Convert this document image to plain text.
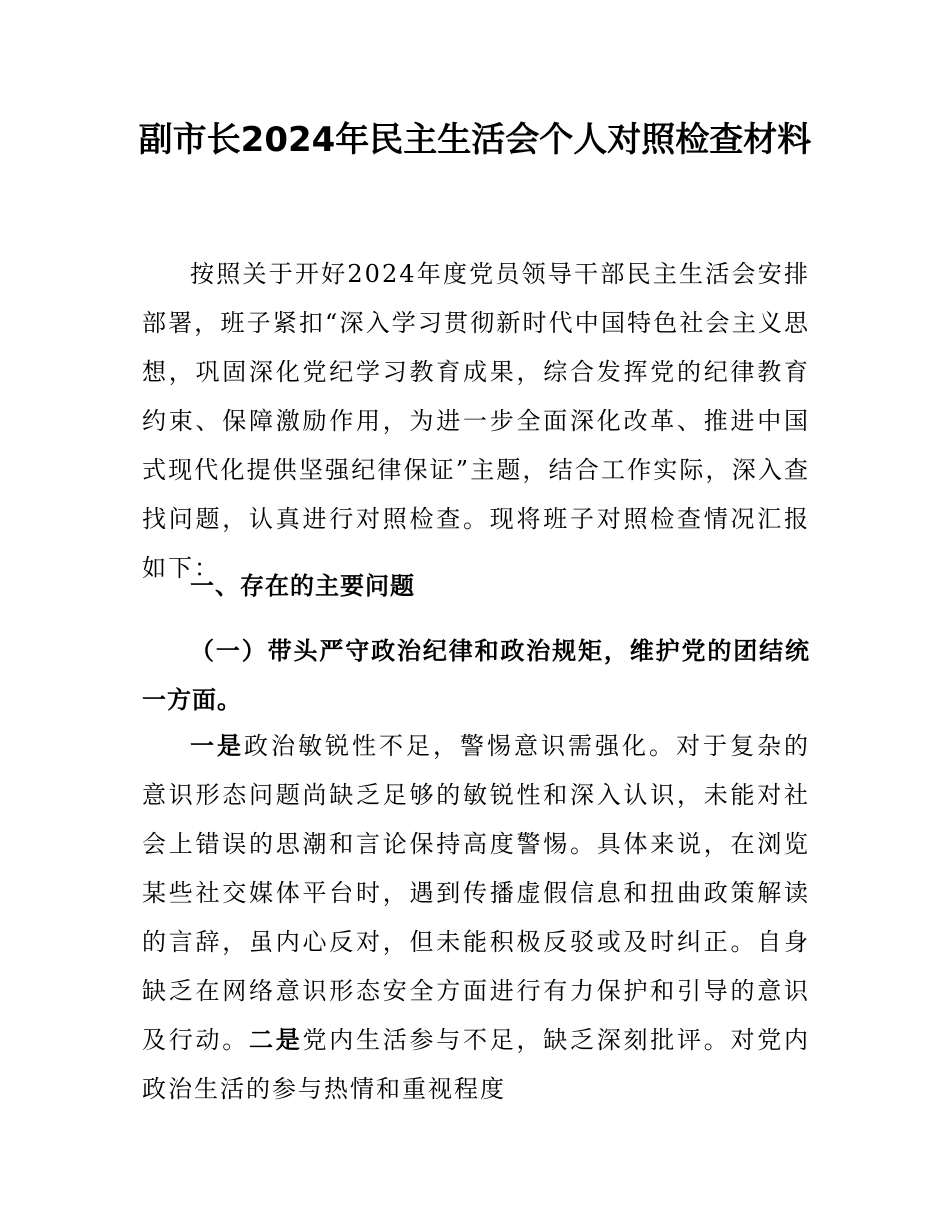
副市长2024年民主生活会个人对照检查材料

按照关于开好2024年度党员领导干部民主生活会安排部署，班子紧扣“深入学习贯彻新时代中国特色社会主义思想，巩固深化党纪学习教育成果，综合发挥党的纪律教育约束、保障激励作用，为进一步全面深化改革、推进中国式现代化提供坚强纪律保证”主题，结合工作实际，深入查找问题，认真进行对照检查。现将班子对照检查情况汇报如下：

一、存在的主要问题

（一）带头严守政治纪律和政治规矩，维护党的团结统一方面。

一是政治敏锐性不足，警惕意识需强化。对于复杂的意识形态问题尚缺乏足够的敏锐性和深入认识，未能对社会上错误的思潮和言论保持高度警惕。具体来说，在浏览某些社交媒体平台时，遇到传播虚假信息和扭曲政策解读的言辞，虽内心反对，但未能积极反驳或及时纠正。自身缺乏在网络意识形态安全方面进行有力保护和引导的意识及行动。二是党内生活参与不足，缺乏深刻批评。对党内政治生活的参与热情和重视程度
